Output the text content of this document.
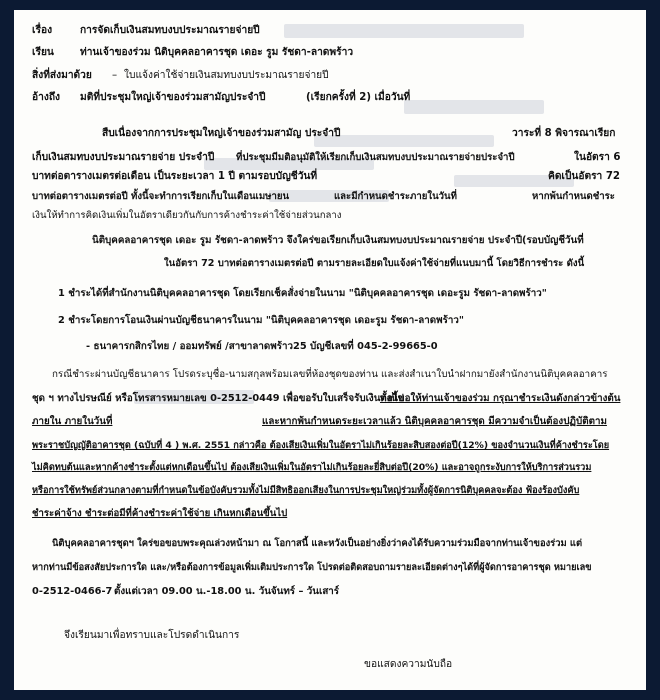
เรื่อง	การจัดเก็บเงินสมทบงบประมาณรายจ่ายปี
เรียน	ท่านเจ้าของร่วม นิติบุคคลอาคารชุด เดอะ รูม รัชดา-ลาดพร้าว
สิ่งที่ส่งมาด้วย – ใบแจ้งค่าใช้จ่ายเงินสมทบงบประมาณรายจ่ายปี
อ้างถึง มติที่ประชุมใหญ่เจ้าของร่วมสามัญประจำปี	(เรียกครั้งที่ 2) เมื่อวันที่
สืบเนื่องจากการประชุมใหญ่เจ้าของร่วมสามัญ ประจำปี	วาระที่ 8 พิจารณาเรียก
เก็บเงินสมทบงบประมาณรายจ่าย ประจำปี ที่ประชุมมีมติอนุมัติให้เรียกเก็บเงินสมทบงบประมาณรายจ่ายประจำปี	ในอัตรา 6
บาทต่อตารางเมตรต่อเดือน เป็นระยะเวลา 1 ปี ตามรอบบัญชีวันที่	คิดเป็นอัตรา 72
บาทต่อตารางเมตรต่อปี ทั้งนี้จะทำการเรียกเก็บในเดือนเมษายน	และมีกำหนดชำระภายในวันที่	หากพ้นกำหนดชำระ
เงินให้ทำการคิดเงินเพิ่มในอัตราเดียวกันกับการค้างชำระค่าใช้จ่ายส่วนกลาง
นิติบุคคลอาคารชุด เดอะ รูม รัชดา-ลาดพร้าว จึงใคร่ขอเรียกเก็บเงินสมทบงบประมาณรายจ่าย ประจำปี (รอบบัญชีวันที่
ในอัตรา 72 บาทต่อตารางเมตรต่อปี ตามรายละเอียดใบแจ้งค่าใช้จ่ายที่แนบมานี้ โดยวิธีการชำระ ดังนี้
1 ชำระได้ที่สำนักงานนิติบุคคลอาคารชุด โดยเรียกเช็คสั่งจ่ายในนาม "นิติบุคคลอาคารชุด เดอะรูม รัชดา-ลาดพร้าว"
2 ชำระโดยการโอนเงินผ่านบัญชีธนาคารในนาม "นิติบุคคลอาคารชุด เดอะรูม รัชดา-ลาดพร้าว"
- ธนาคารกสิกรไทย / ออมทรัพย์ /สาขาลาดพร้าว25 บัญชีเลขที่ 045-2-99665-0
กรณีชำระผ่านบัญชีธนาคาร โปรดระบุชื่อ-นามสกุลพร้อมเลขที่ห้องชุดของท่าน และส่งสำเนาใบนำฝากมายังสำนักงานนิติบุคคลอาคาร
ชุด ฯ ทางไปรษณีย์ หรือโทรสารหมายเลข 0-2512-0449 เพื่อขอรับใบเสร็จรับเงินต่อไป
ทั้งนี้ขอให้ท่านเจ้าของร่วม กรุณาชำระเงินดังกล่าวข้างต้น
ภายใน ภายในวันที่	และหากพ้นกำหนดระยะเวลาแล้ว นิติบุคคลอาคารชุด มีความจำเป็นต้องปฏิบัติตาม
พระราชบัญญัติอาคารชุด (ฉบับที่ 4 ) พ.ศ. 2551 กล่าวคือ ต้องเสียเงินเพิ่มในอัตราไม่เกินร้อยละสิบสองต่อปี(12%) ของจำนวนเงินที่ค้างชำระโดย
ไม่คิดทบต้นและหากค้างชำระตั้งแต่หกเดือนขึ้นไป ต้องเสียเงินเพิ่มในอัตราไม่เกินร้อยละยี่สิบต่อปี(20%) และอาจถูกระงับการให้บริการส่วนรวม
หรือการใช้ทรัพย์ส่วนกลางตามที่กำหนดในข้อบังคับรวมทั้งไม่มีสิทธิออกเสียงในการประชุมใหญ่ร่วมทั้งผู้จัดการนิติบุคคลจะต้อง ฟ้องร้องบังคับ
ชำระค่าจ้าง ชำระต่อมีที่ค้างชำระค่าใช้จ่าย เกินหกเดือนขึ้นไป
นิติบุคคลอาคารชุดฯ ใคร่ขอขอบพระคุณล่วงหน้ามา ณ โอกาสนี้ และหวังเป็นอย่างยิ่งว่าคงได้รับความร่วมมือจากท่านเจ้าของร่วม แต่
หากท่านมีข้อสงสัยประการใด และ/หรือต้องการข้อมูลเพิ่มเติมประการใด โปรดต่อติดสอบถามรายละเอียดต่างๆได้ที่ผู้จัดการอาคารชุด หมายเลข
0-2512-0466-7 ตั้งแต่เวลา 09.00 น.-18.00 น. วันจันทร์ – วันเสาร์
จึงเรียนมาเพื่อทราบและโปรดดำเนินการ
ขอแสดงความนับถือ
